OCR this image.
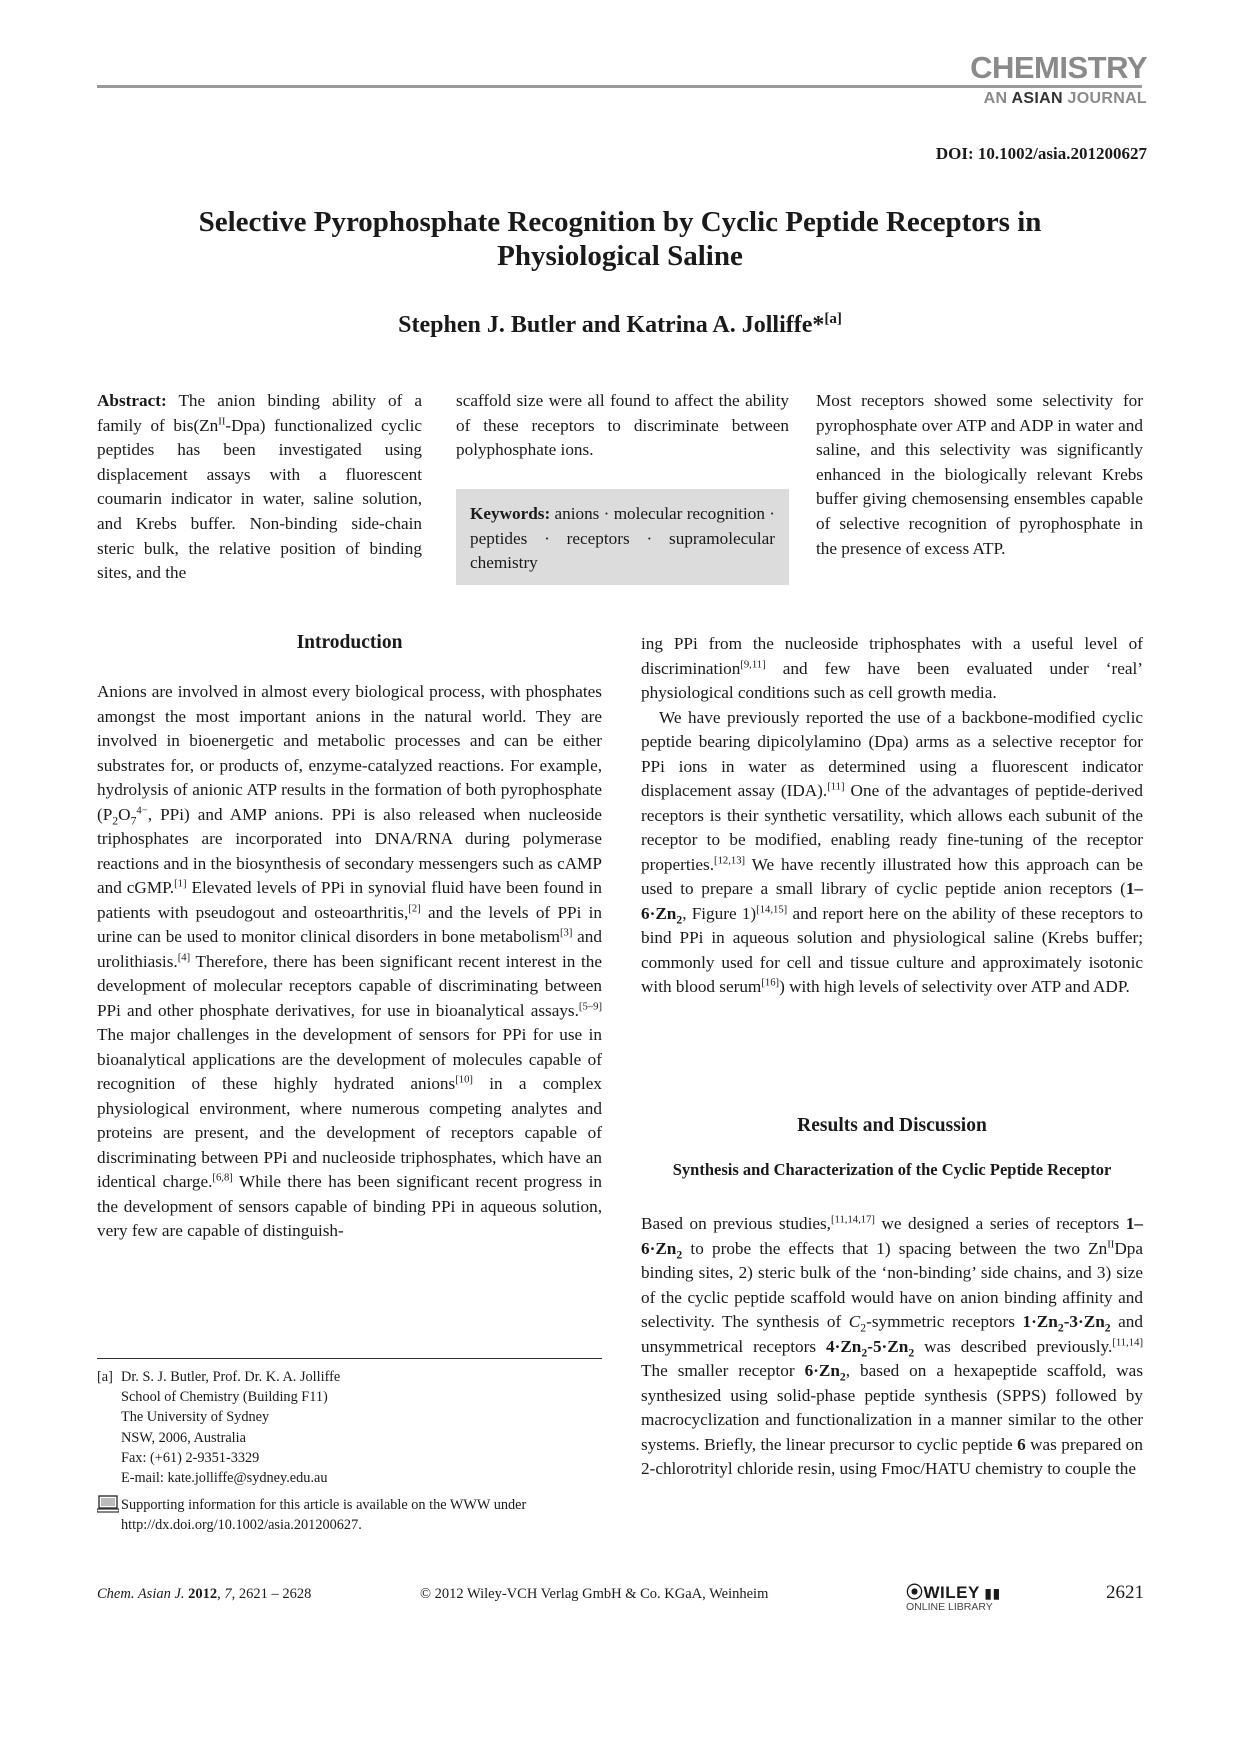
CHEMISTRY
AN ASIAN JOURNAL
DOI: 10.1002/asia.201200627
Selective Pyrophosphate Recognition by Cyclic Peptide Receptors in Physiological Saline
Stephen J. Butler and Katrina A. Jolliffe*[a]

Abstract: The anion binding ability of a family of $bis(Zn^{II}-Dpa)$ functionalized cyclic peptides has been investigated using displacement assays with a fluorescent coumarin indicator in water, saline solution, and Krebs buffer. Non-binding side-chain steric bulk, the relative position of binding sites, and the

scaffold size were all found to affect the ability of these receptors to discriminate between polyphosphate ions.

Keywords: anions · molecular recognition · peptides · receptors · supramolecular chemistry

Most receptors showed some selectivity for pyrophosphate over ATP and ADP in water and saline, and this selectivity was significantly enhanced in the biologically relevant Krebs buffer giving chemosensing ensembles capable of selective recognition of pyrophosphate in the presence of excess ATP.

Introduction

Anions are involved in almost every biological process, with phosphates amongst the most important anions in the natural world. They are involved in bioenergetic and metabolic processes and can be either substrates for, or products of, enzyme-catalyzed reactions. For example, hydrolysis of anionic ATP results in the formation of both pyrophosphate ($P_2O_7^{4-}$, PPi) and AMP anions. PPi is also released when nucleoside triphosphates are incorporated into DNA/RNA during polymerase reactions and in the biosynthesis of secondary messengers such as cAMP and cGMP.[1] Elevated levels of PPi in synovial fluid have been found in patients with pseudogout and osteoarthritis,[2] and the levels of PPi in urine can be used to monitor clinical disorders in bone metabolism[3] and urolithiasis.[4] Therefore, there has been significant recent interest in the development of molecular receptors capable of discriminating between PPi and other phosphate derivatives, for use in bioanalytical assays.[5–9] The major challenges in the development of sensors for PPi for use in bioanalytical applications are the development of molecules capable of recognition of these highly hydrated anions[10] in a complex physiological environment, where numerous competing analytes and proteins are present, and the development of receptors capable of discriminating between PPi and nucleoside triphosphates, which have an identical charge.[6,8] While there has been significant recent progress in the development of sensors capable of binding PPi in aqueous solution, very few are capable of distinguish-

ing PPi from the nucleoside triphosphates with a useful level of discrimination[9,11] and few have been evaluated under ‘real’ physiological conditions such as cell growth media.

We have previously reported the use of a backbone-modified cyclic peptide bearing dipicolylamino (Dpa) arms as a selective receptor for PPi ions in water as determined using a fluorescent indicator displacement assay (IDA).[11] One of the advantages of peptide-derived receptors is their synthetic versatility, which allows each subunit of the receptor to be modified, enabling ready fine-tuning of the receptor properties.[12,13] We have recently illustrated how this approach can be used to prepare a small library of cyclic peptide anion receptors ($1-6\cdot Zn_2$, Figure 1)[14,15] and report here on the ability of these receptors to bind PPi in aqueous solution and physiological saline (Krebs buffer; commonly used for cell and tissue culture and approximately isotonic with blood serum[16]) with high levels of selectivity over ATP and ADP.

Results and Discussion
Synthesis and Characterization of the Cyclic Peptide Receptor

Based on previous studies,[11,14,17] we designed a series of receptors $1-6\cdot Zn_2$ to probe the effects that 1) spacing between the two $Zn^{II}Dpa$ binding sites, 2) steric bulk of the ‘non-binding’ side chains, and 3) size of the cyclic peptide scaffold would have on anion binding affinity and selectivity. The synthesis of $C_2$-symmetric receptors $1\cdot Zn_2-3\cdot Zn_2$ and unsymmetrical receptors $4\cdot Zn_2-5\cdot Zn_2$ was described previously.[11,14] The smaller receptor $6\cdot Zn_2$, based on a hexapeptide scaffold, was synthesized using solid-phase peptide synthesis (SPPS) followed by macrocyclization and functionalization in a manner similar to the other systems. Briefly, the linear precursor to cyclic peptide 6 was prepared on 2-chlorotrityl chloride resin, using Fmoc/HATU chemistry to couple the

[a] Dr. S. J. Butler, Prof. Dr. K. A. Jolliffe
School of Chemistry (Building F11)
The University of Sydney
NSW, 2006, Australia
Fax: (+61) 2-9351-3329
E-mail: kate.jolliffe@sydney.edu.au
Supporting information for this article is available on the WWW under http://dx.doi.org/10.1002/asia.201200627.
Chem. Asian J. 2012, 7, 2621 – 2628	© 2012 Wiley-VCH Verlag GmbH & Co. KGaA, Weinheim	⦿WILEY ▮▮
ONLINE LIBRARY
2621
